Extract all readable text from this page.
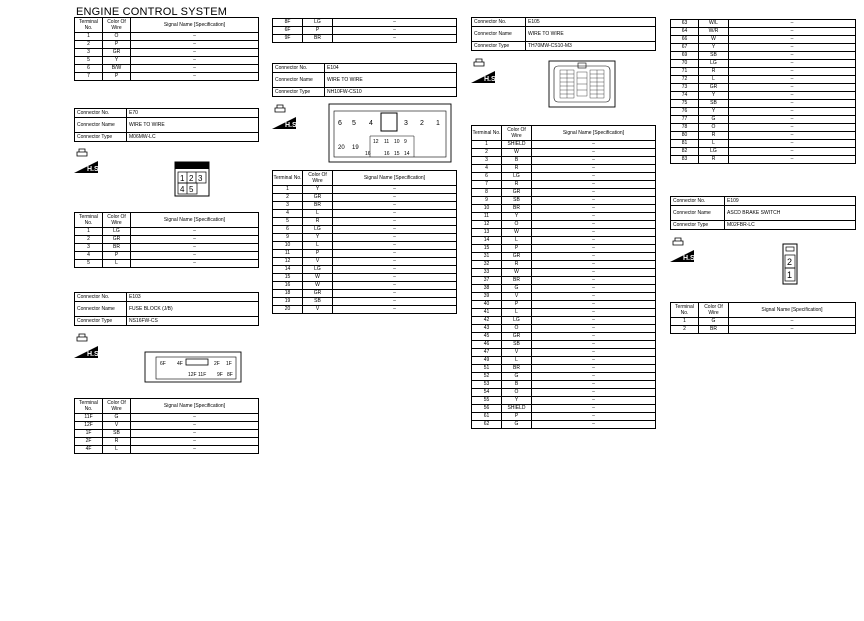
ENGINE CONTROL SYSTEM
Terminal No.	Color Of Wire	Signal Name [Specification]
1	O	–
2	P	–
3	GR	–
5	Y	–
6	B/W	–
7	P	–
Connector No.	E70
Connector Name	WIRE TO WIRE
Connector Type	M06MW-LC
H.S.
1 2 3
4 5
Terminal No.	Color Of Wire	Signal Name [Specification]
1	LG	–
2	GR	–
3	BR	–
4	P	–
5	L	–
Connector No.	E103
Connector Name	FUSE BLOCK (J/B)
Connector Type	NS16FW-CS
H.S.
6F 4F	2F 1F
12F 11F 9F 8F
Terminal No.	Color Of Wire	Signal Name [Specification]
11F	G	–
12F	V	–
1F	SB	–
2F	R	–
4F	L	–
8F	LG	–
6F	P	–
9F	BR	–
Connector No.	E104
Connector Name	WIRE TO WIRE
Connector Type	NH10FW-CS10
H.S.	6 5 4	3 2 1
20 19
12 11 10 9
16	16 15 14
Terminal No.	Color Of Wire	Signal Name [Specification]
1	Y	–
2	GR	–
3	BR	–
4	L	–
5	R	–
6	LG	–
9	Y	–
10	L	–
11	P	–
12	V	–
14	LG	–
15	W	–
16	W	–
18	GR	–
19	SB	–
20	V	–
Connector No.	E105
Connector Name	WIRE TO WIRE
Connector Type	TH70MW-CS10-M3
H.S.
Terminal No.	Color Of Wire	Signal Name [Specification]
1	SHIELD	–
2	W	–
3	B	–
4	R	–
6	LG	–
7	R	–
8	GR	–
9	SB	–
10	BR	–
11	Y	–
12	O	–
13	W	–
14	L	–
15	P	–
31	GR	–
32	R	–
33	W	–
37	BR	–
38	G	–
39	V	–
40	P	–
41	L	–
42	LG	–
43	O	–
45	GR	–
46	SB	–
47	V	–
49	L	–
51	BR	–
52	G	–
53	B	–
54	O	–
55	Y	–
56	SHIELD	–
61	P	–
62	G	–
63	W/L	–
64	W/R	–
66	W	–
67	Y	–
69	SB	–
70	LG	–
71	R	–
72	L	–
73	GR	–
74	Y	–
75	SB	–
76	Y	–
77	G	–
78	O	–
80	R	–
81	L	–
82	LG	–
83	R	–
Connector No.	E109
Connector Name	ASCD BRAKE SWITCH
Connector Type	M02FBR-LC
H.S.	2
1
Terminal No.	Color Of Wire	Signal Name [Specification]
1	G	–
2	BR	–
